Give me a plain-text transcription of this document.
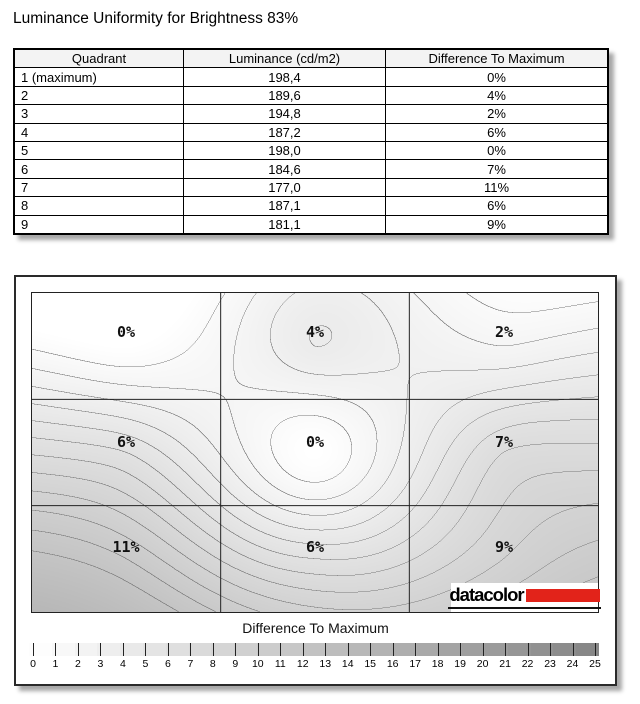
Luminance Uniformity for Brightness 83%
Quadrant	Luminance (cd/m2)	Difference To Maximum
1 (maximum)	198,4	0%
2	189,6	4%
3	194,8	2%
4	187,2	6%
5	198,0	0%
6	184,6	7%
7	177,0	11%
8	187,1	6%
9	181,1	9%
0%	4%	2%
6%	0%	7%
11%	6%	9%
datacolor
Difference To Maximum
0 1 2 3 4 5 6 7 8 9 10 11 12 13 14 15 16 17 18 19 20 21 22 23 24 25
